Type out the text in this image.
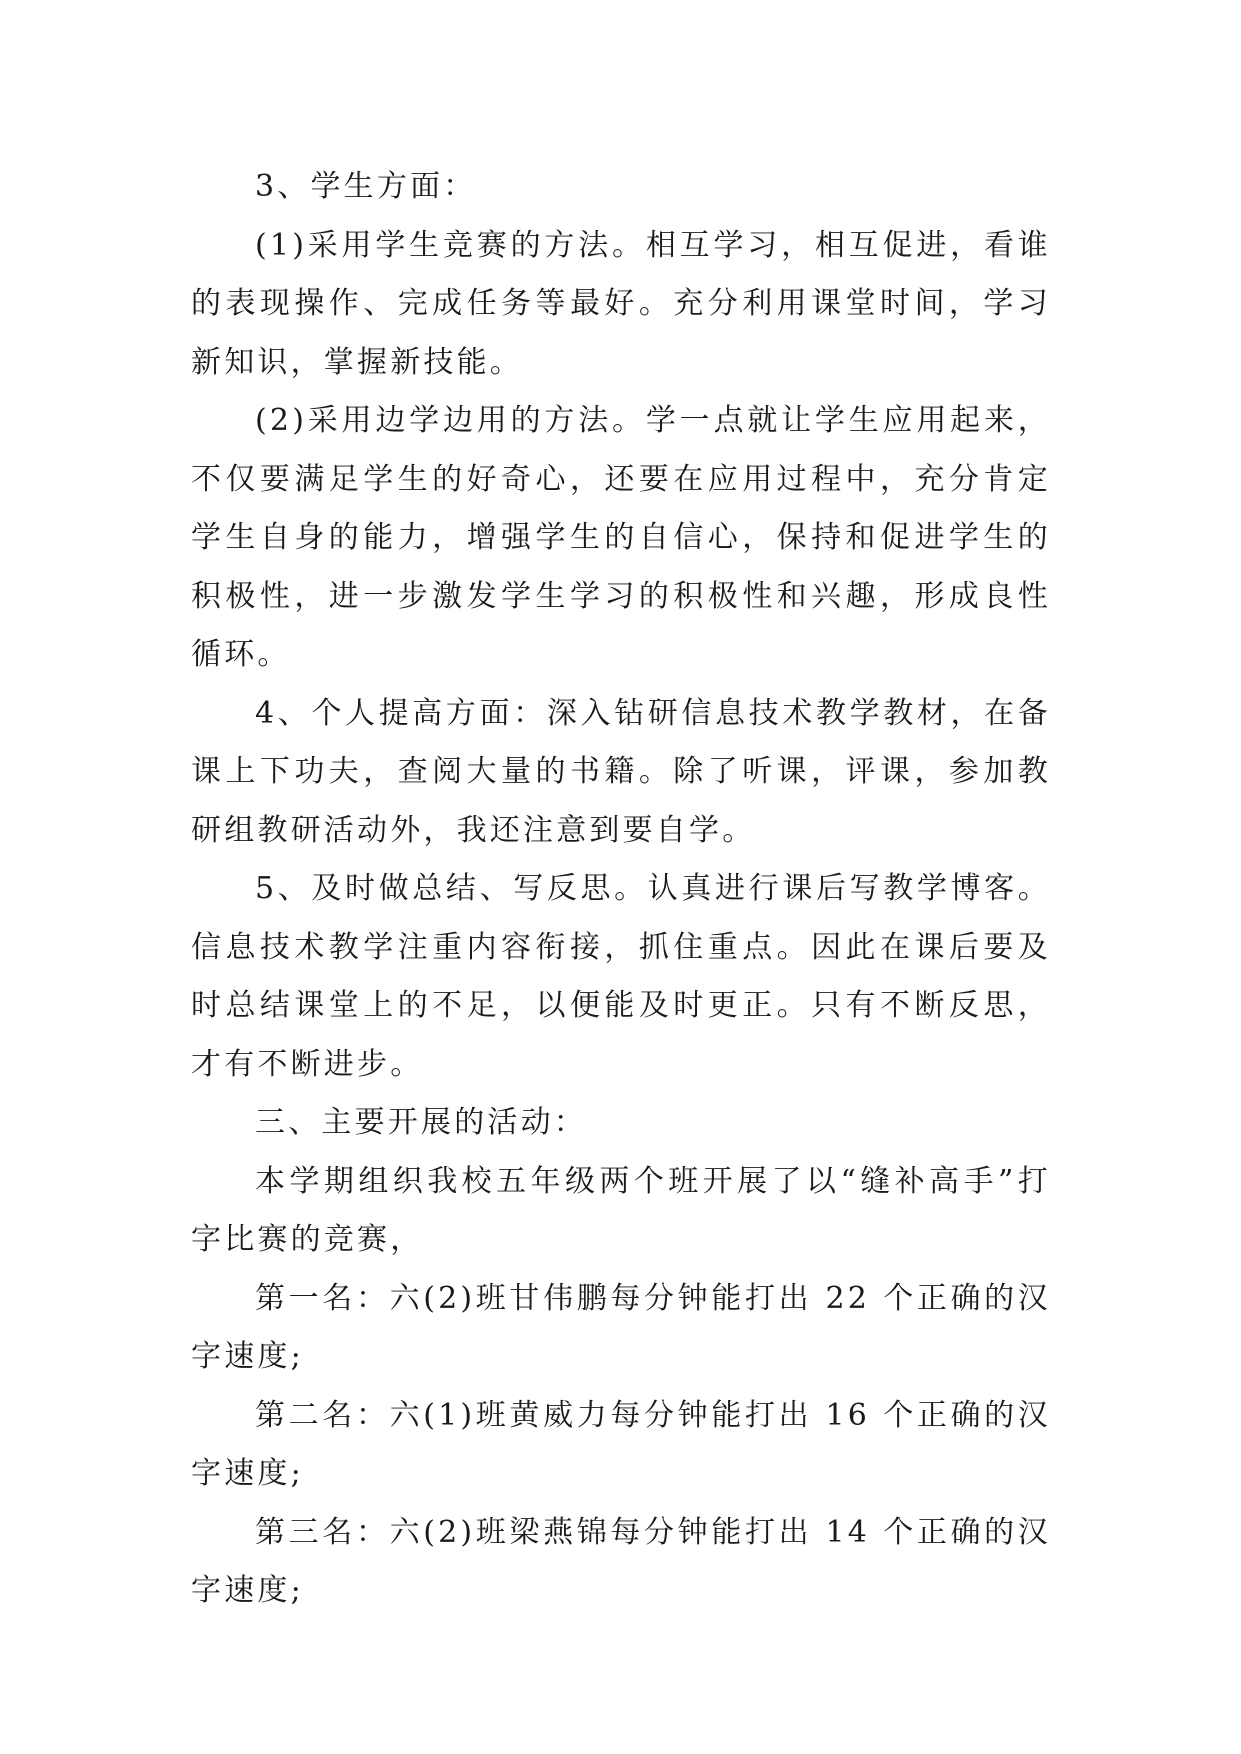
3、学生方面：

(1)采用学生竞赛的方法。相互学习，相互促进，看谁的表现操作、完成任务等最好。充分利用课堂时间，学习新知识，掌握新技能。

(2)采用边学边用的方法。学一点就让学生应用起来，不仅要满足学生的好奇心，还要在应用过程中，充分肯定学生自身的能力，增强学生的自信心，保持和促进学生的积极性，进一步激发学生学习的积极性和兴趣，形成良性循环。

4、个人提高方面：深入钻研信息技术教学教材，在备课上下功夫，查阅大量的书籍。除了听课，评课，参加教研组教研活动外，我还注意到要自学。

5、及时做总结、写反思。认真进行课后写教学博客。信息技术教学注重内容衔接，抓住重点。因此在课后要及时总结课堂上的不足，以便能及时更正。只有不断反思，才有不断进步。

三、主要开展的活动：

本学期组织我校五年级两个班开展了以“缝补高手”打字比赛的竞赛，

第一名：六(2)班甘伟鹏每分钟能打出 22 个正确的汉字速度;

第二名：六(1)班黄威力每分钟能打出 16 个正确的汉字速度;

第三名：六(2)班梁燕锦每分钟能打出 14 个正确的汉字速度;
